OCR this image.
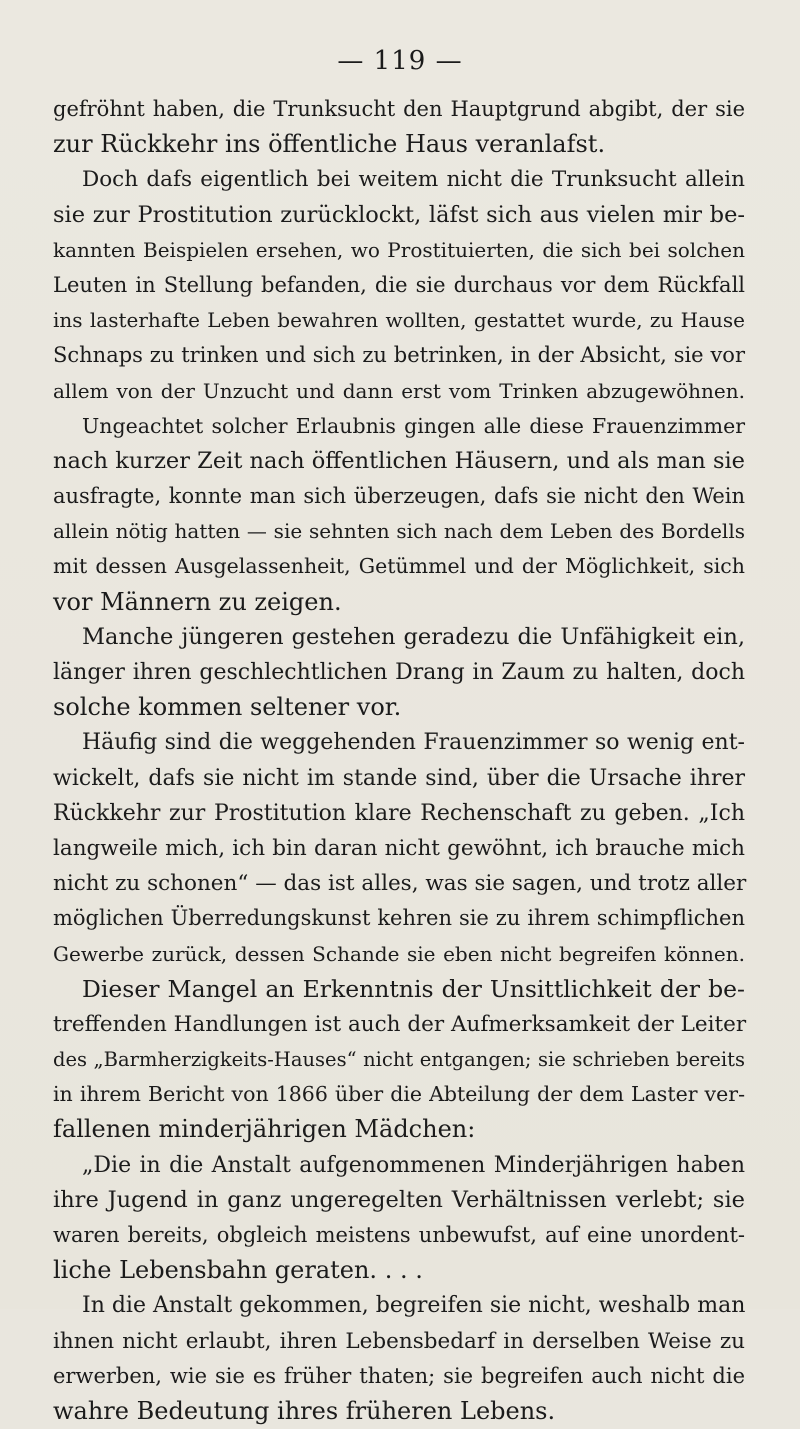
— 119 —
gefröhnt haben, die Trunksucht den Hauptgrund abgibt, der sie
zur Rückkehr ins öffentliche Haus veranlafst.
Doch dafs eigentlich bei weitem nicht die Trunksucht allein
sie zur Prostitution zurücklockt, läfst sich aus vielen mir be-
kannten Beispielen ersehen, wo Prostituierten, die sich bei solchen
Leuten in Stellung befanden, die sie durchaus vor dem Rückfall
ins lasterhafte Leben bewahren wollten, gestattet wurde, zu Hause
Schnaps zu trinken und sich zu betrinken, in der Absicht, sie vor
allem von der Unzucht und dann erst vom Trinken abzugewöhnen.
Ungeachtet solcher Erlaubnis gingen alle diese Frauenzimmer
nach kurzer Zeit nach öffentlichen Häusern, und als man sie
ausfragte, konnte man sich überzeugen, dafs sie nicht den Wein
allein nötig hatten — sie sehnten sich nach dem Leben des Bordells
mit dessen Ausgelassenheit, Getümmel und der Möglichkeit, sich
vor Männern zu zeigen.
Manche jüngeren gestehen geradezu die Unfähigkeit ein,
länger ihren geschlechtlichen Drang in Zaum zu halten, doch
solche kommen seltener vor.
Häufig sind die weggehenden Frauenzimmer so wenig ent-
wickelt, dafs sie nicht im stande sind, über die Ursache ihrer
Rückkehr zur Prostitution klare Rechenschaft zu geben. „Ich
langweile mich, ich bin daran nicht gewöhnt, ich brauche mich
nicht zu schonen“ — das ist alles, was sie sagen, und trotz aller
möglichen Überredungskunst kehren sie zu ihrem schimpflichen
Gewerbe zurück, dessen Schande sie eben nicht begreifen können.
Dieser Mangel an Erkenntnis der Unsittlichkeit der be-
treffenden Handlungen ist auch der Aufmerksamkeit der Leiter
des „Barmherzigkeits-Hauses“ nicht entgangen; sie schrieben bereits
in ihrem Bericht von 1866 über die Abteilung der dem Laster ver-
fallenen minderjährigen Mädchen:
„Die in die Anstalt aufgenommenen Minderjährigen haben
ihre Jugend in ganz ungeregelten Verhältnissen verlebt; sie
waren bereits, obgleich meistens unbewufst, auf eine unordent-
liche Lebensbahn geraten. . . .
In die Anstalt gekommen, begreifen sie nicht, weshalb man
ihnen nicht erlaubt, ihren Lebensbedarf in derselben Weise zu
erwerben, wie sie es früher thaten; sie begreifen auch nicht die
wahre Bedeutung ihres früheren Lebens.
